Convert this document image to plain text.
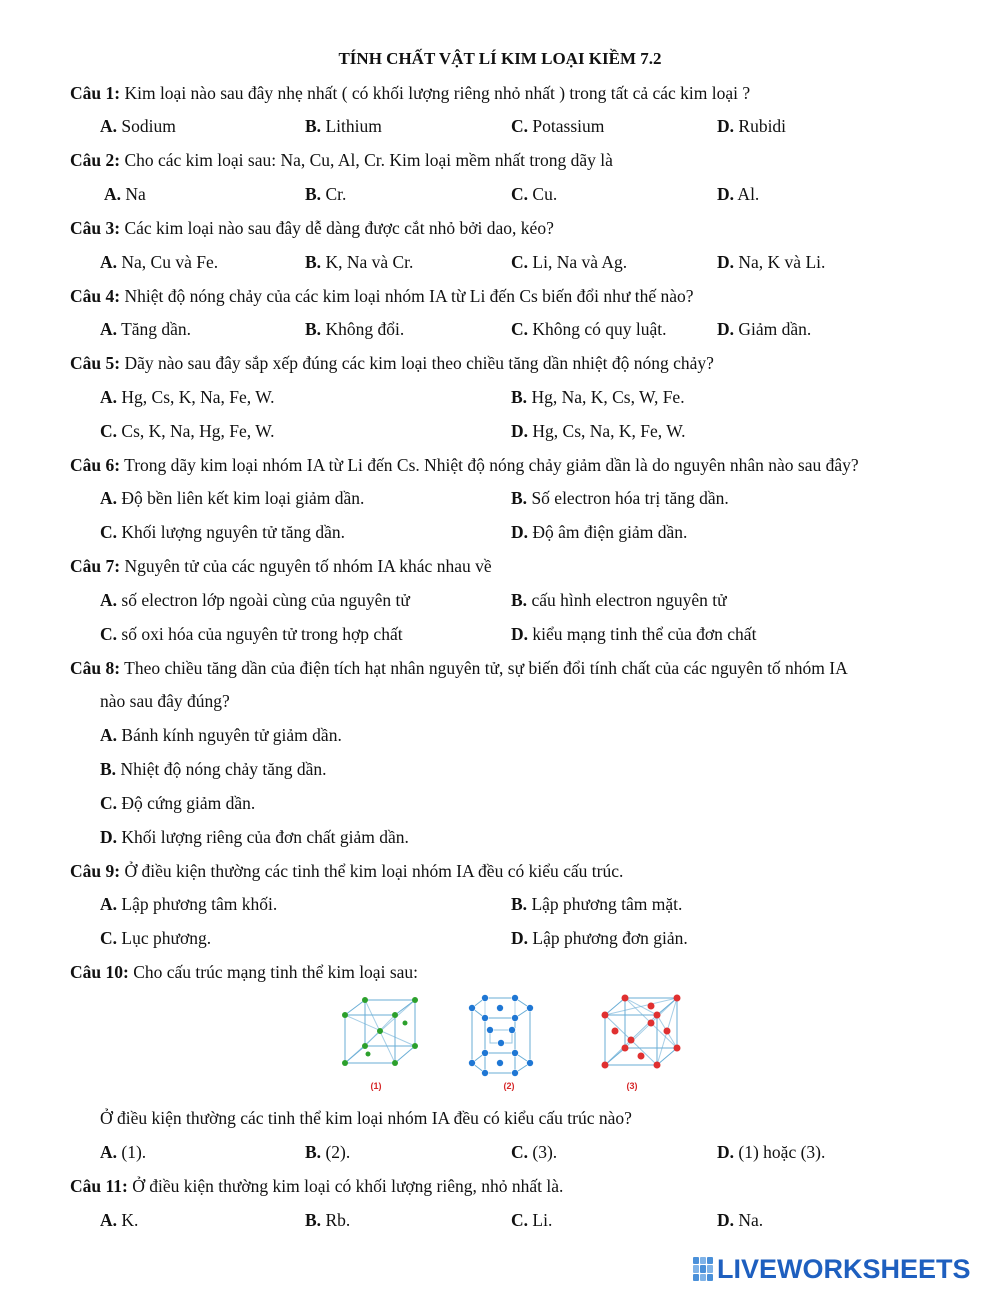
TÍNH CHẤT VẬT LÍ KIM LOẠI KIỀM 7.2
Câu 1: Kim loại nào sau đây nhẹ nhất ( có khối lượng riêng nhỏ nhất ) trong tất cả các kim loại ?
A. Sodium	B. Lithium	C. Potassium	D. Rubidi
Câu 2: Cho các kim loại sau: Na, Cu, Al, Cr. Kim loại mềm nhất trong dãy là
A. Na	B. Cr.	C. Cu.	D. Al.
Câu 3: Các kim loại nào sau đây dễ dàng được cắt nhỏ bởi dao, kéo?
A. Na, Cu và Fe.	B. K, Na và Cr.	C. Li, Na và Ag.	D. Na, K và Li.
Câu 4: Nhiệt độ nóng chảy của các kim loại nhóm IA từ Li đến Cs biến đổi như thế nào?
A. Tăng dần.	B. Không đổi.	C. Không có quy luật.	D. Giảm dần.
Câu 5: Dãy nào sau đây sắp xếp đúng các kim loại theo chiều tăng dần nhiệt độ nóng chảy?
A. Hg, Cs, K, Na, Fe, W.	B. Hg, Na, K, Cs, W, Fe.
C. Cs, K, Na, Hg, Fe, W.	D. Hg, Cs, Na, K, Fe, W.
Câu 6: Trong dãy kim loại nhóm IA từ Li đến Cs. Nhiệt độ nóng chảy giảm dần là do nguyên nhân nào sau đây?
A. Độ bền liên kết kim loại giảm dần.	B. Số electron hóa trị tăng dần.
C. Khối lượng nguyên tử tăng dần.	D. Độ âm điện giảm dần.
Câu 7: Nguyên tử của các nguyên tố nhóm IA khác nhau về
A. số electron lớp ngoài cùng của nguyên tử	B. cấu hình electron nguyên tử
C. số oxi hóa của nguyên tử trong hợp chất	D. kiểu mạng tinh thể của đơn chất
Câu 8: Theo chiều tăng dần của điện tích hạt nhân nguyên tử, sự biến đổi tính chất của các nguyên tố nhóm IA
nào sau đây đúng?
A. Bánh kính nguyên tử giảm dần.
B. Nhiệt độ nóng chảy tăng dần.
C. Độ cứng giảm dần.
D. Khối lượng riêng của đơn chất giảm dần.
Câu 9: Ở điều kiện thường các tinh thể kim loại nhóm IA đều có kiểu cấu trúc.
A. Lập phương tâm khối.	B. Lập phương tâm mặt.
C. Lục phương.	D. Lập phương đơn giản.
Câu 10: Cho cấu trúc mạng tinh thể kim loại sau:
(1)	(2)	(3)
Ở điều kiện thường các tinh thể kim loại nhóm IA đều có kiểu cấu trúc nào?
A. (1).	B. (2).	C. (3).	D. (1) hoặc (3).
Câu 11: Ở điều kiện thường kim loại có khối lượng riêng, nhỏ nhất là.
A. K.	B. Rb.	C. Li.	D. Na.
LIVEWORKSHEETS
